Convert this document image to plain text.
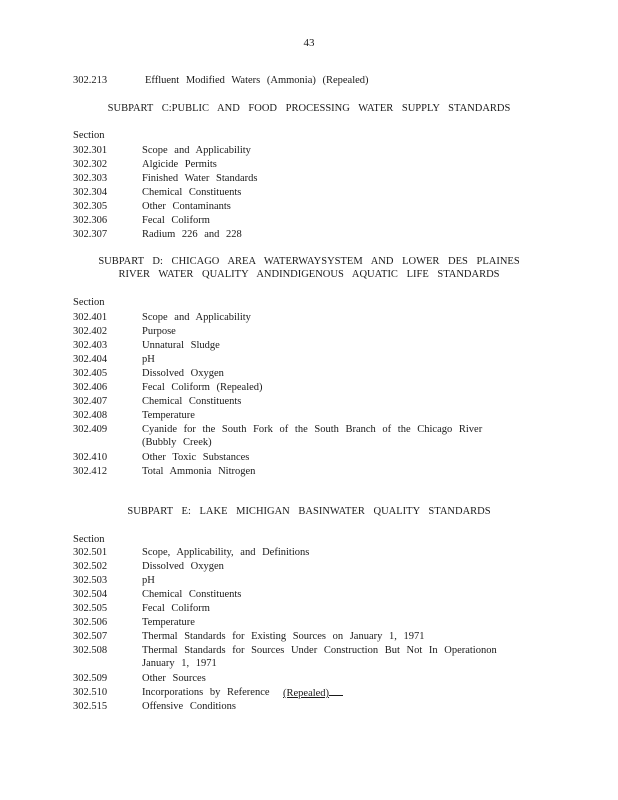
43
302.213	Effluent Modified Waters (Ammonia) (Repealed)
SUBPART C:PUBLIC AND FOOD PROCESSING WATER SUPPLY STANDARDS
Section
302.301	Scope and Applicability
302.302	Algicide Permits
302.303	Finished Water Standards
302.304	Chemical Constituents
302.305	Other Contaminants
302.306	Fecal Coliform
302.307	Radium 226 and 228
SUBPART D: CHICAGO AREA WATERWAYSYSTEM AND LOWER DES PLAINES
RIVER WATER QUALITY ANDINDIGENOUS AQUATIC LIFE STANDARDS
Section
302.401	Scope and Applicability
302.402	Purpose
302.403	Unnatural Sludge
302.404	pH
302.405	Dissolved Oxygen
302.406	Fecal Coliform (Repealed)
302.407	Chemical Constituents
302.408	Temperature
302.409	Cyanide for the South Fork of the South Branch of the Chicago River (Bubbly Creek)
302.410	Other Toxic Substances
302.412	Total Ammonia Nitrogen
SUBPART E: LAKE MICHIGAN BASINWATER QUALITY STANDARDS
Section
302.501	Scope, Applicability, and Definitions
302.502	Dissolved Oxygen
302.503	pH
302.504	Chemical Constituents
302.505	Fecal Coliform
302.506	Temperature
302.507	Thermal Standards for Existing Sources on January 1, 1971
302.508	Thermal Standards for Sources Under Construction But Not In Operationon January 1, 1971
302.509	Other Sources
302.510	Incorporations by Reference	(Repealed)
302.515	Offensive Conditions
